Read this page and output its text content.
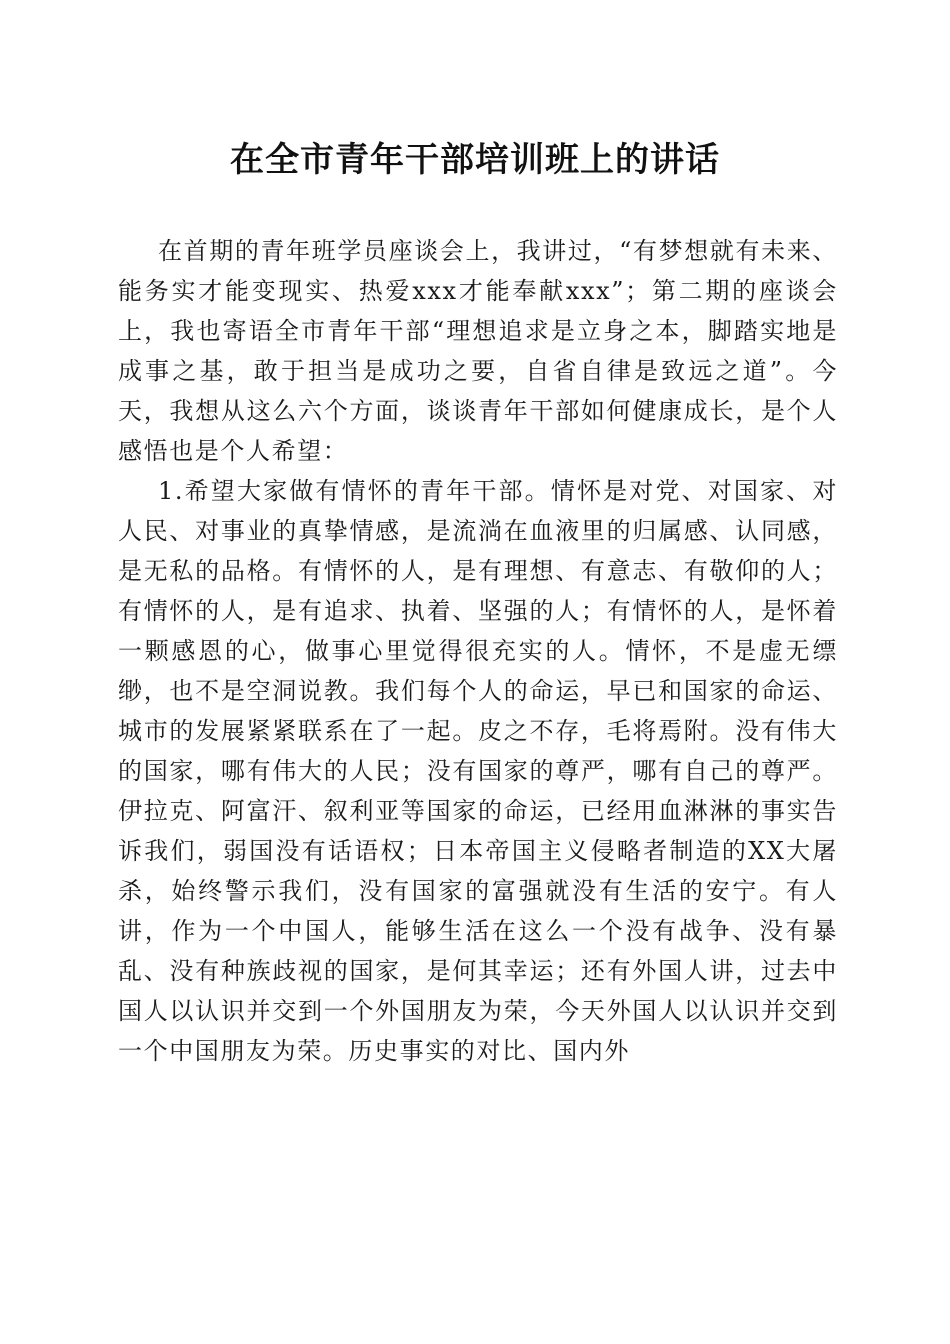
在全市青年干部培训班上的讲话

在首期的青年班学员座谈会上，我讲过，“有梦想就有未来、能务实才能变现实、热爱xxx才能奉献xxx”；第二期的座谈会上，我也寄语全市青年干部“理想追求是立身之本，脚踏实地是成事之基，敢于担当是成功之要，自省自律是致远之道”。今天，我想从这么六个方面，谈谈青年干部如何健康成长，是个人感悟也是个人希望：

1.希望大家做有情怀的青年干部。情怀是对党、对国家、对人民、对事业的真挚情感，是流淌在血液里的归属感、认同感，是无私的品格。有情怀的人，是有理想、有意志、有敬仰的人；有情怀的人，是有追求、执着、坚强的人；有情怀的人，是怀着一颗感恩的心，做事心里觉得很充实的人。情怀，不是虚无缥缈，也不是空洞说教。我们每个人的命运，早已和国家的命运、城市的发展紧紧联系在了一起。皮之不存，毛将焉附。没有伟大的国家，哪有伟大的人民；没有国家的尊严，哪有自己的尊严。伊拉克、阿富汗、叙利亚等国家的命运，已经用血淋淋的事实告诉我们，弱国没有话语权；日本帝国主义侵略者制造的XX大屠杀，始终警示我们，没有国家的富强就没有生活的安宁。有人讲，作为一个中国人，能够生活在这么一个没有战争、没有暴乱、没有种族歧视的国家，是何其幸运；还有外国人讲，过去中国人以认识并交到一个外国朋友为荣，今天外国人以认识并交到一个中国朋友为荣。历史事实的对比、国内外
